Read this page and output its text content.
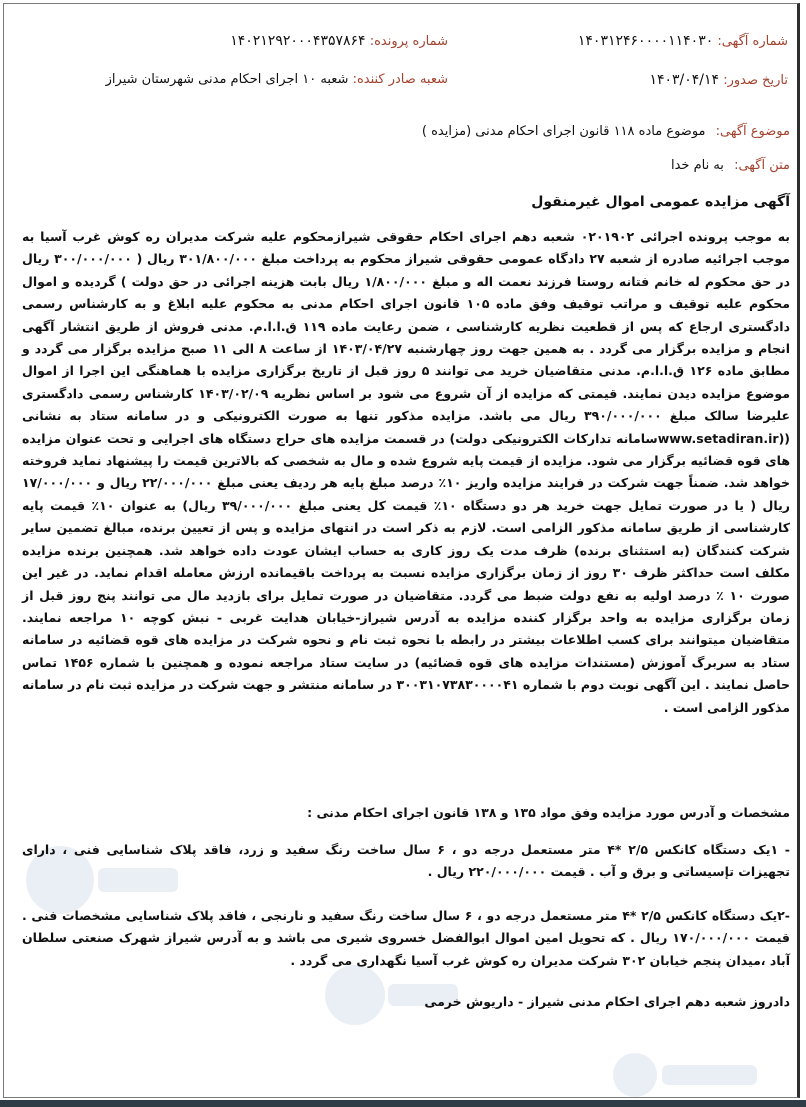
شماره آگهی: ۱۴۰۳۱۲۴۶۰۰۰۰۱۱۴۰۳۰
شماره پرونده: ۱۴۰۲۱۲۹۲۰۰۰۴۳۵۷۸۶۴
تاریخ صدور: ۱۴۰۳/۰۴/۱۴
شعبه صادر کننده: شعبه ۱۰ اجرای احکام مدنی شهرستان شیراز
موضوع آگهی: موضوع ماده ۱۱۸ قانون اجرای احکام مدنی (مزایده )
متن آگهی: به نام خدا
آگهی مزایده عمومی اموال غیرمنقول
به موجب پرونده اجرائی ۰۲۰۱۹۰۲ شعبه دهم اجرای احکام حقوقی شیرازمحکوم علیه شرکت مدیران ره کوش غرب آسیا به موجب اجرائیه صادره از شعبه ۲۷ دادگاه عمومی حقوقی شیراز محکوم به پرداخت مبلغ ۳۰۱/۸۰۰/۰۰۰ ریال ( ۳۰۰/۰۰۰/۰۰۰ ریال در حق محکوم له خانم فتانه روستا فرزند نعمت اله و مبلغ ۱/۸۰۰/۰۰۰ ریال بابت هزینه اجرائی در حق دولت ) گردیده و اموال محکوم علیه توقیف و مراتب توقیف وفق ماده ۱۰۵ قانون اجرای احکام مدنی به محکوم علیه ابلاغ و به کارشناس رسمی دادگستری ارجاع که پس از قطعیت نظریه کارشناسی ، ضمن رعایت ماده ۱۱۹ ق.ا.ا.م. مدنی فروش از طریق انتشار آگهی انجام و مزایده برگزار می گردد . به همین جهت روز چهارشنبه ۱۴۰۳/۰۴/۲۷ از ساعت ۸ الی ۱۱ صبح مزایده برگزار می گردد و مطابق ماده ۱۲۶ ق.ا.ا.م. مدنی متقاضیان خرید می توانند ۵ روز قبل از تاریخ برگزاری مزایده با هماهنگی این اجرا از اموال موضوع مزایده دیدن نمایند. قیمتی که مزایده از آن شروع می شود بر اساس نظریه ۱۴۰۳/۰۲/۰۹ کارشناس رسمی دادگستری علیرضا سالک مبلغ ۳۹۰/۰۰۰/۰۰۰ ریال می باشد. مزایده مذکور تنها به صورت الکترونیکی و در سامانه ستاد به نشانی ((www.setadiran.irسامانه تدارکات الکترونیکی دولت) در قسمت مزایده های حراج دستگاه های اجرایی و تحت عنوان مزایده های قوه قضائیه برگزار می شود. مزایده از قیمت پایه شروع شده و مال به شخصی که بالاترین قیمت را پیشنهاد نماید فروخته خواهد شد. ضمناً جهت شرکت در فرایند مزایده واریز ۱۰٪ درصد مبلغ پایه هر ردیف یعنی مبلغ ۲۲/۰۰۰/۰۰۰ ریال و ۱۷/۰۰۰/۰۰۰ ریال ( یا در صورت تمایل جهت خرید هر دو دستگاه ۱۰٪ قیمت کل یعنی مبلغ ۳۹/۰۰۰/۰۰۰ ریال) به عنوان ۱۰٪ قیمت پایه کارشناسی از طریق سامانه مذکور الزامی است. لازم به ذکر است در انتهای مزایده و پس از تعیین برنده، مبالغ تضمین سایر شرکت کنندگان (به استثنای برنده) ظرف مدت یک روز کاری به حساب ایشان عودت داده خواهد شد. همچنین برنده مزایده مکلف است حداکثر ظرف ۳۰ روز از زمان برگزاری مزایده نسبت به پرداخت باقیمانده ارزش معامله اقدام نماید. در غیر این صورت ۱۰ ٪ درصد اولیه به نفع دولت ضبط می گردد. متقاضیان در صورت تمایل برای بازدید مال می توانند پنج روز قبل از زمان برگزاری مزایده به واحد برگزار کننده مزایده به آدرس شیراز-خیابان هدایت غربی - نبش کوچه ۱۰ مراجعه نمایند. متقاضیان میتوانند برای کسب اطلاعات بیشتر در رابطه با نحوه ثبت نام و نحوه شرکت در مزایده های قوه قضائیه در سامانه ستاد به سربرگ آموزش (مستندات مزایده های قوه قضائیه) در سایت ستاد مراجعه نموده و همچنین با شماره ۱۴۵۶ تماس حاصل نمایند . این آگهی نوبت دوم با شماره ۳۰۰۳۱۰۷۳۸۳۰۰۰۰۴۱ در سامانه منتشر و جهت شرکت در مزایده ثبت نام در سامانه مذکور الزامی است .
مشخصات و آدرس مورد مزایده وفق مواد ۱۳۵ و ۱۳۸ قانون اجرای احکام مدنی :
- ۱یک دستگاه کانکس ۲/۵ *۴ متر مستعمل درجه دو ، ۶ سال ساخت رنگ سفید و زرد، فاقد پلاک شناسایی فنی ، دارای تجهیزات تإسیساتی و برق و آب . قیمت ۲۲۰/۰۰۰/۰۰۰ ریال .
-۲یک دستگاه کانکس ۲/۵ *۴ متر مستعمل درجه دو ، ۶ سال ساخت رنگ سفید و نارنجی ، فاقد پلاک شناسایی مشخصات فنی . قیمت ۱۷۰/۰۰۰/۰۰۰ ریال . که تحویل امین اموال ابوالفضل خسروی شیری می باشد و به آدرس شیراز شهرک صنعتی سلطان آباد ،میدان پنجم خیابان ۳۰۲ شرکت مدیران ره کوش غرب آسیا نگهداری می گردد .
دادروز شعبه دهم اجرای احکام مدنی شیراز - داریوش خرمی
